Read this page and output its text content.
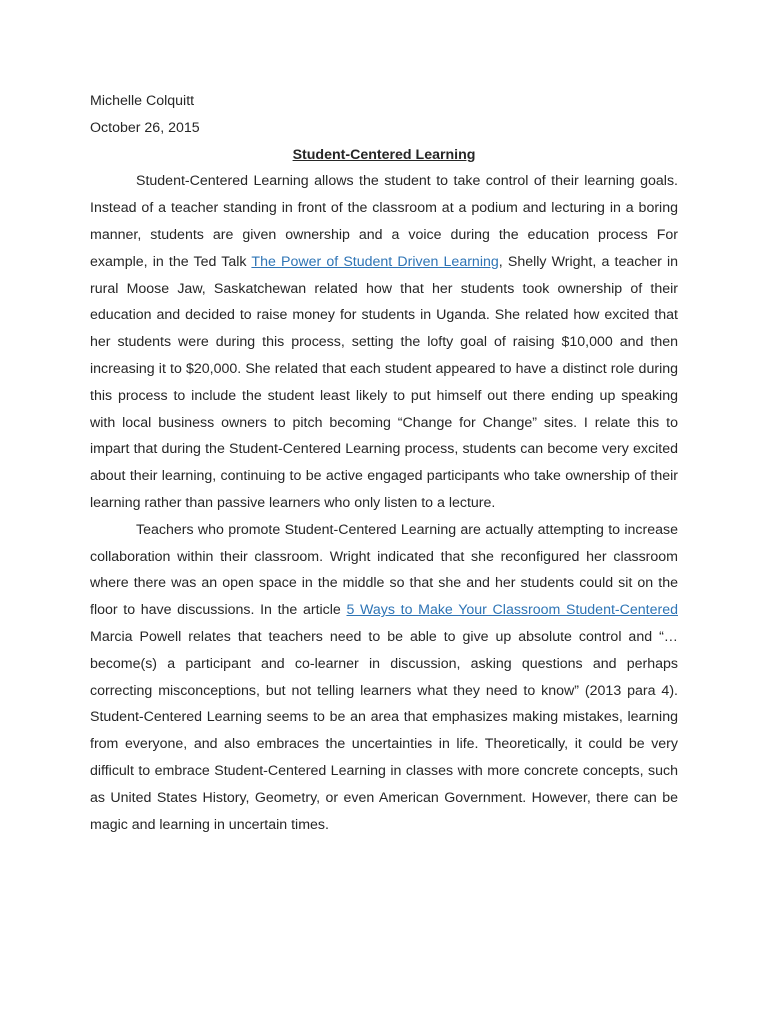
Michelle Colquitt

October 26, 2015

Student-Centered Learning

Student-Centered Learning allows the student to take control of their learning goals. Instead of a teacher standing in front of the classroom at a podium and lecturing in a boring manner, students are given ownership and a voice during the education process For example, in the Ted Talk The Power of Student Driven Learning, Shelly Wright, a teacher in rural Moose Jaw, Saskatchewan related how that her students took ownership of their education and decided to raise money for students in Uganda. She related how excited that her students were during this process, setting the lofty goal of raising $10,000 and then increasing it to $20,000. She related that each student appeared to have a distinct role during this process to include the student least likely to put himself out there ending up speaking with local business owners to pitch becoming “Change for Change” sites. I relate this to impart that during the Student-Centered Learning process, students can become very excited about their learning, continuing to be active engaged participants who take ownership of their learning rather than passive learners who only listen to a lecture.

Teachers who promote Student-Centered Learning are actually attempting to increase collaboration within their classroom. Wright indicated that she reconfigured her classroom where there was an open space in the middle so that she and her students could sit on the floor to have discussions. In the article 5 Ways to Make Your Classroom Student-Centered Marcia Powell relates that teachers need to be able to give up absolute control and “…become(s) a participant and co-learner in discussion, asking questions and perhaps correcting misconceptions, but not telling learners what they need to know” (2013 para 4). Student-Centered Learning seems to be an area that emphasizes making mistakes, learning from everyone, and also embraces the uncertainties in life. Theoretically, it could be very difficult to embrace Student-Centered Learning in classes with more concrete concepts, such as United States History, Geometry, or even American Government. However, there can be magic and learning in uncertain times.
